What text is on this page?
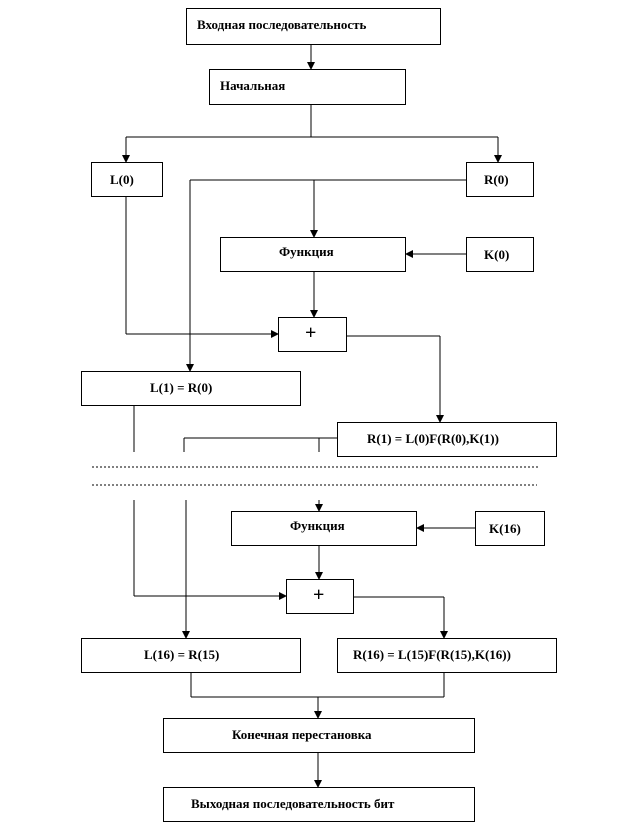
Входная последовательность
Начальная
L(0)	R(0)
Функция	K(0)
+
L(1) = R(0)
R(1) = L(0)F(R(0),K(1))
Функция	K(16)
+
L(16) = R(15)	R(16) = L(15)F(R(15),K(16))
Конечная перестановка
Выходная последовательность бит
